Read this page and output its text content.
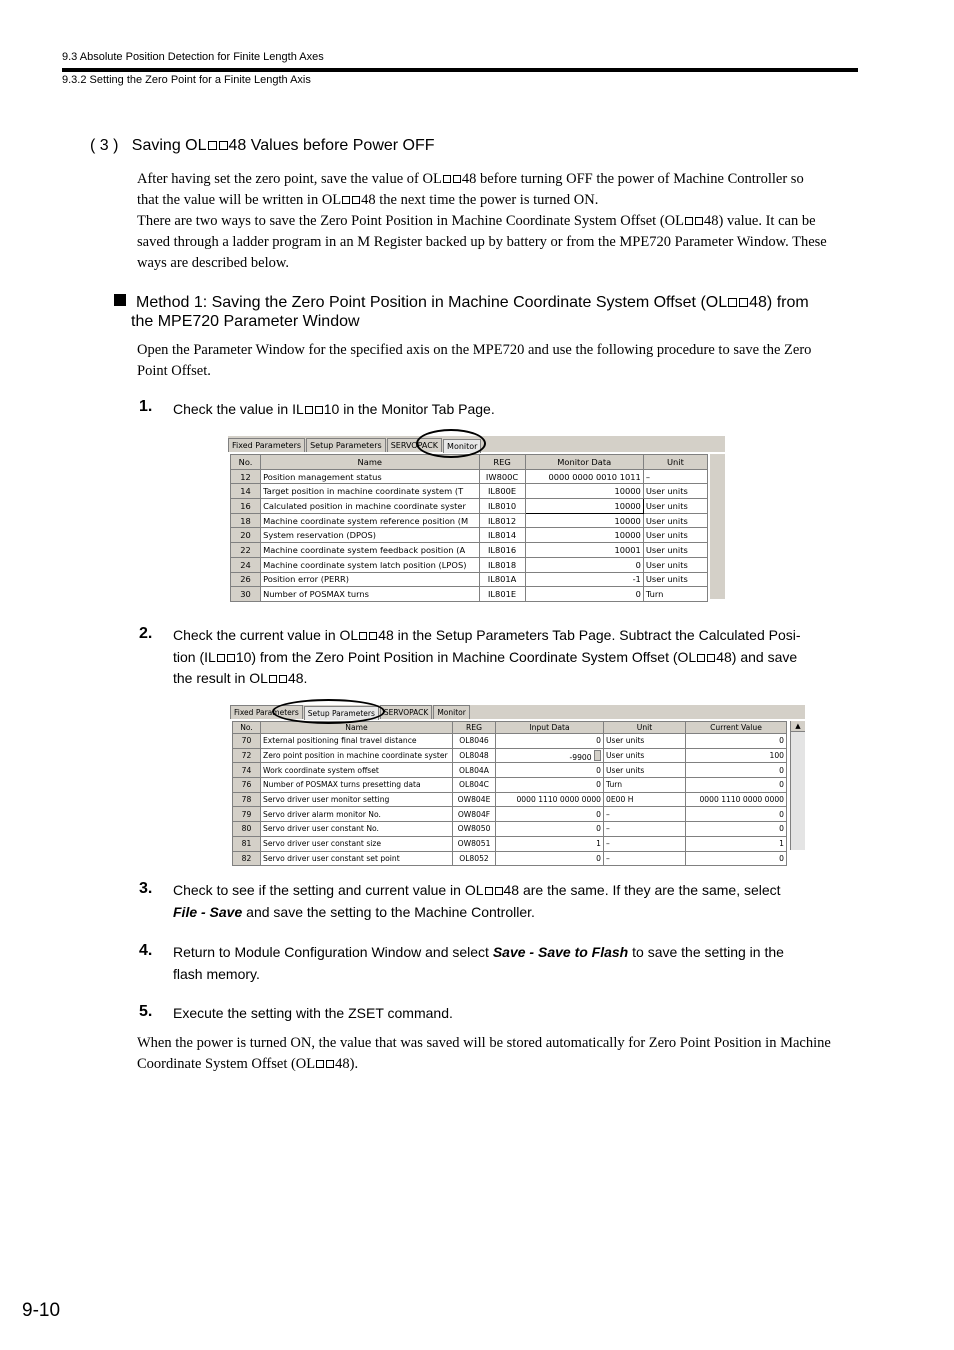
9.3 Absolute Position Detection for Finite Length Axes
9.3.2 Setting the Zero Point for a Finite Length Axis
( 3 ) Saving OL 48 Values before Power OFF
After having set the zero point, save the value of OL 48 before turning OFF the power of Machine Controller so
that the value will be written in OL 48 the next time the power is turned ON.
There are two ways to save the Zero Point Position in Machine Coordinate System Offset (OL 48) value. It can be
saved through a ladder program in an M Register backed up by battery or from the MPE720 Parameter Window. These
ways are described below.
Method 1: Saving the Zero Point Position in Machine Coordinate System Offset (OL 48) from
the MPE720 Parameter Window
Open the Parameter Window for the specified axis on the MPE720 and use the following procedure to save the Zero
Point Offset.
1. Check the value in IL 10 in the Monitor Tab Page.
Fixed Parameters	Setup Parameters	SERVOPACK	Monitor
No.	Name	REG	Monitor Data	Unit
12	Position management status	IW800C	0000 0000 0010 1011	–
14	Target position in machine coordinate system (T	IL800E	10000	User units
16	Calculated position in machine coordinate syster	IL8010	10000	User units
18	Machine coordinate system reference position (M	IL8012	10000	User units
20	System reservation (DPOS)	IL8014	10000	User units
22	Machine coordinate system feedback position (A	IL8016	10001	User units
24	Machine coordinate system latch position (LPOS)	IL8018	0	User units
26	Position error (PERR)	IL801A	-1	User units
30	Number of POSMAX turns	IL801E	0	Turn
2. Check the current value in OL 48 in the Setup Parameters Tab Page. Subtract the Calculated Posi-
tion (IL 10) from the Zero Point Position in Machine Coordinate System Offset (OL 48) and save
the result in OL 48.
Fixed Parameters	Setup Parameters	SERVOPACK	Monitor
No.	Name	REG	Input Data	Unit	Current Value
70	External positioning final travel distance	OL8046	0	User units	0
72	Zero point position in machine coordinate syster	OL8048	-9900	User units	100
74	Work coordinate system offset	OL804A	0	User units	0
76	Number of POSMAX turns presetting data	OL804C	0	Turn	0
78	Servo driver user monitor setting	OW804E	0000 1110 0000 0000	0E00 H	0000 1110 0000 0000
79	Servo driver alarm monitor No.	OW804F	0	–	0
80	Servo driver user constant No.	OW8050	0	–	0
81	Servo driver user constant size	OW8051	1	–	1
82	Servo driver user constant set point	OL8052	0	–	0
▲
3. Check to see if the setting and current value in OL 48 are the same. If they are the same, select
File - Save and save the setting to the Machine Controller.
4. Return to Module Configuration Window and select Save - Save to Flash to save the setting in the
flash memory.
5. Execute the setting with the ZSET command.
When the power is turned ON, the value that was saved will be stored automatically for Zero Point Position in Machine
Coordinate System Offset (OL 48).
9-10
